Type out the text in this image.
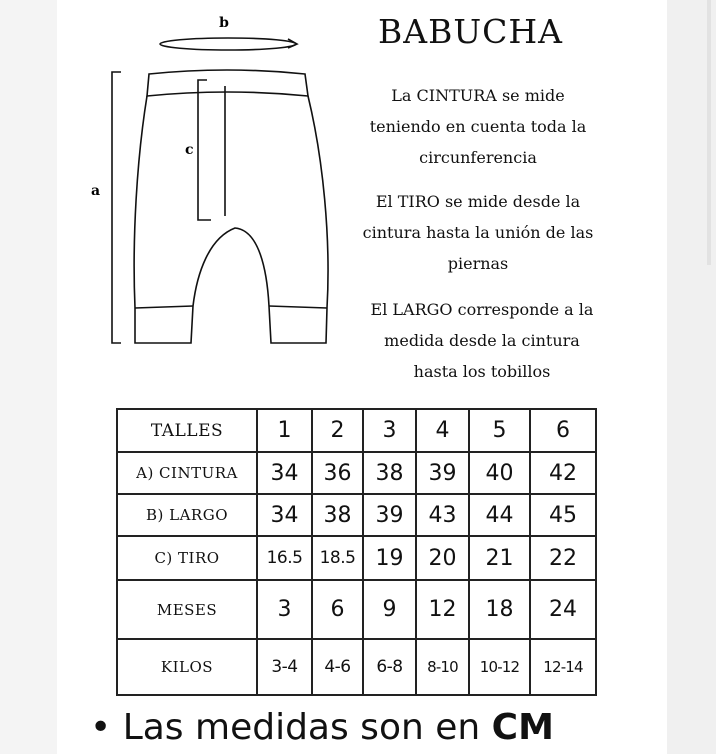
b
a
c
BABUCHA
La CINTURA se mide
teniendo en cuenta toda la
circunferencia
El TIRO se mide desde la
cintura hasta la unión de las
piernas
El LARGO corresponde a la
medida desde la cintura
hasta los tobillos
TALLES	1	2	3	4	5	6
A) CINTURA	34	36	38	39	40	42
B) LARGO	34	38	39	43	44	45
C) TIRO	16.5	18.5	19	20	21	22
MESES	3	6	9	12	18	24
KILOS	3-4	4-6	6-8	8-10	10-12	12-14
• Las medidas son en CM
